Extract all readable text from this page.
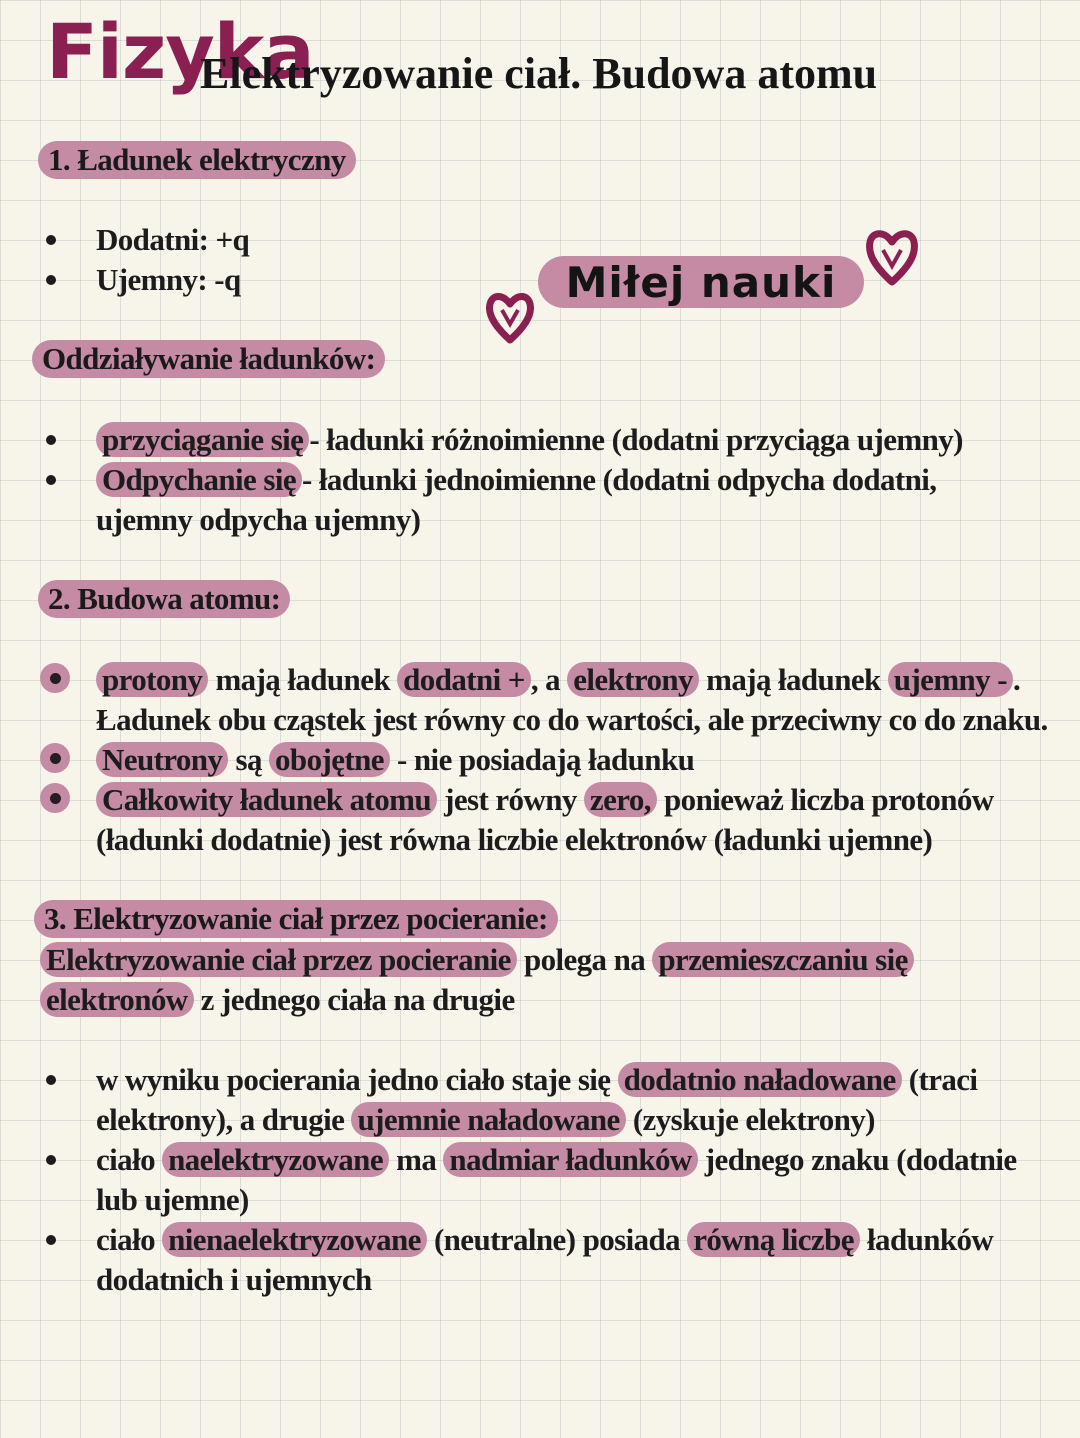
Fizyka
Elektryzowanie ciał. Budowa atomu
Miłej nauki
1. Ładunek elektryczny
Dodatni: +q
Ujemny: -q
Oddziaływanie ładunków:
przyciąganie się - ładunki różnoimienne (dodatni przyciąga ujemny)
Odpychanie się - ładunki jednoimienne (dodatni odpycha dodatni,
ujemny odpycha ujemny)
2. Budowa atomu:
protony mają ładunek dodatni + , a elektrony mają ładunek ujemny - .
Ładunek obu cząstek jest równy co do wartości, ale przeciwny co do znaku.
Neutrony są obojętne - nie posiadają ładunku
Całkowity ładunek atomu jest równy zero, ponieważ liczba protonów
(ładunki dodatnie) jest równa liczbie elektronów (ładunki ujemne)
3. Elektryzowanie ciał przez pocieranie:
Elektryzowanie ciał przez pocieranie polega na przemieszczaniu się
elektronów z jednego ciała na drugie
w wyniku pocierania jedno ciało staje się dodatnio naładowane (traci
elektrony), a drugie ujemnie naładowane (zyskuje elektrony)
ciało naelektryzowane ma nadmiar ładunków jednego znaku (dodatnie
lub ujemne)
ciało nienaelektryzowane (neutralne) posiada równą liczbę ładunków
dodatnich i ujemnych
